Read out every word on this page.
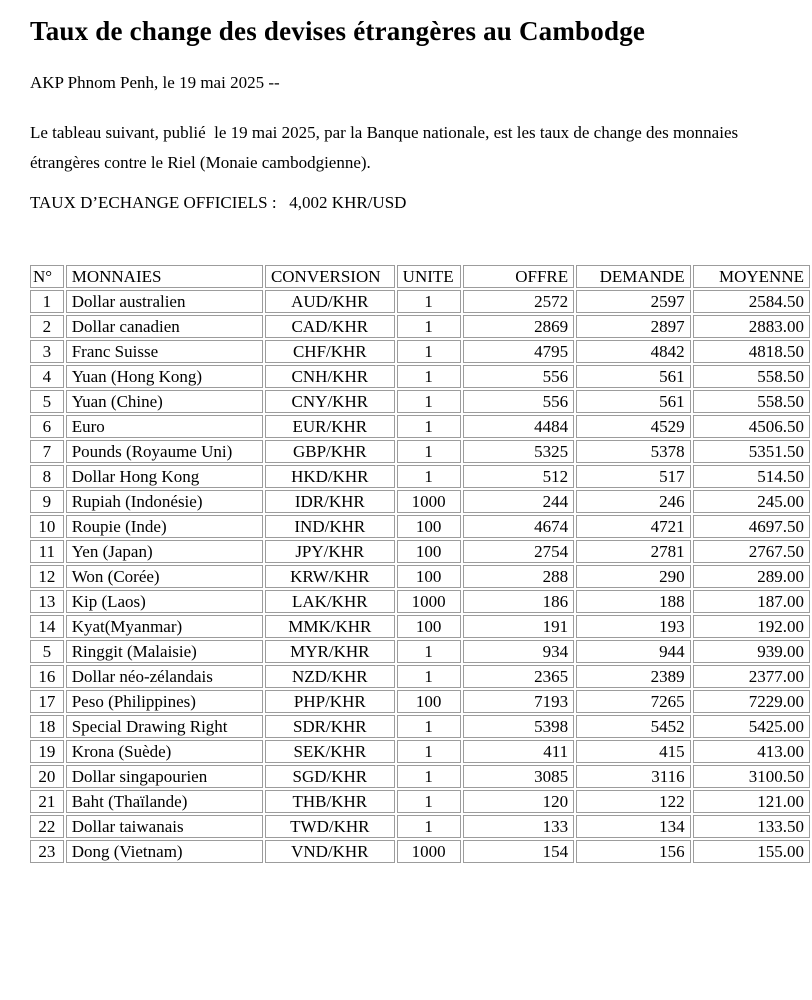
Taux de change des devises étrangères au Cambodge

AKP Phnom Penh, le 19 mai 2025 --

Le tableau suivant, publié  le 19 mai 2025, par la Banque nationale, est les taux de change des monnaies étrangères contre le Riel (Monaie cambodgienne).

TAUX D’ECHANGE OFFICIELS :   4,002 KHR/USD

N°	MONNAIES	CONVERSION	UNITE	OFFRE	DEMANDE	MOYENNE
1	Dollar australien	AUD/KHR	1	2572	2597	2584.50
2	Dollar canadien	CAD/KHR	1	2869	2897	2883.00
3	Franc Suisse	CHF/KHR	1	4795	4842	4818.50
4	Yuan (Hong Kong)	CNH/KHR	1	556	561	558.50
5	Yuan (Chine)	CNY/KHR	1	556	561	558.50
6	Euro	EUR/KHR	1	4484	4529	4506.50
7	Pounds (Royaume Uni)	GBP/KHR	1	5325	5378	5351.50
8	Dollar Hong Kong	HKD/KHR	1	512	517	514.50
9	Rupiah (Indonésie)	IDR/KHR	1000	244	246	245.00
10	Roupie (Inde)	IND/KHR	100	4674	4721	4697.50
11	Yen (Japan)	JPY/KHR	100	2754	2781	2767.50
12	Won (Corée)	KRW/KHR	100	288	290	289.00
13	Kip (Laos)	LAK/KHR	1000	186	188	187.00
14	Kyat(Myanmar)	MMK/KHR	100	191	193	192.00
5	Ringgit (Malaisie)	MYR/KHR	1	934	944	939.00
16	Dollar néo-zélandais	NZD/KHR	1	2365	2389	2377.00
17	Peso (Philippines)	PHP/KHR	100	7193	7265	7229.00
18	Special Drawing Right	SDR/KHR	1	5398	5452	5425.00
19	Krona (Suède)	SEK/KHR	1	411	415	413.00
20	Dollar singapourien	SGD/KHR	1	3085	3116	3100.50
21	Baht (Thaïlande)	THB/KHR	1	120	122	121.00
22	Dollar taiwanais	TWD/KHR	1	133	134	133.50
23	Dong (Vietnam)	VND/KHR	1000	154	156	155.00
